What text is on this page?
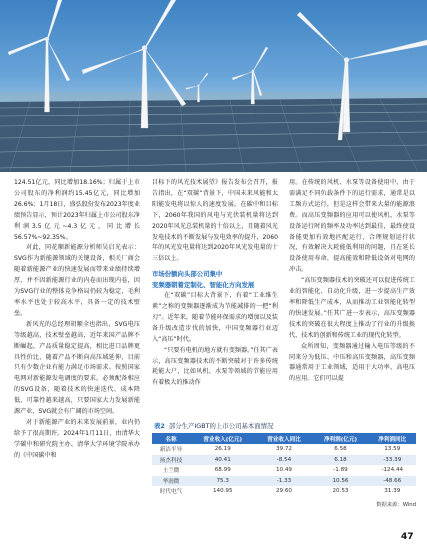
124.51亿元，同比增加18.16%；归属于上市公司股东的净利润约15.45亿元，同比增加26.6%；1月18日，盛弘股份发布2023年度业绩预告显示，预计2023年归属上市公司股东净利润3.5亿元~4.3亿元，同比增长56.57%~92.35%。

对此，同花顺新能源分析师吴启光表示：SVG作为新能源领域的关键设备，相关厂商会随着新能源产业的快速发展而带来业绩持续增厚，并不因新能源行业的内卷而出现内卷，因为SVG行业的整体竞争格局仍较为稳定，毛利率水平也处于较高水平，具备一定的技术壁垒。

新风光的总经理胡顺全也指出，SVG电压等级越高，技术壁垒越高，近年来国产品牌不断崛起，产品质量稳定提高，相比进口品牌更具性价比，随着产品不断向高压域延伸，目前只有少数企业有能力满足市场需求。按照国家电网对新能源发电调度的要求，必须配备相应的SVG设备，随着技术的快速迭代、成本降低、可靠性越来越高，只要国家大力发展新能源产业，SVG就会有广阔的市场空间。

对于新能源产业的未来发展前景，业内仍给予了很高期许。2024年1月11日，由清华大学碳中和研究院主办、清华大学环境学院承办的《中国碳中和

目标下的风光技术展望》报告发布会召开，报告指出，在“双碳”背景下，中国未来风能和太阳能发电将以惊人的速度发展。在碳中和目标下，2060年我国的风电与光伏装机量将达到2020年风光总装机量的十倍以上，且随着风光发电技术的不断发展与发电效率的提升，2060年的风光发电量将达到2020年风光发电量的十三倍以上。

市场份额向头部公司集中

变频器朝着定制化、智能化方向发展

在“双碳”目标大背景下，有着“工业维生素”之称的变频器逐渐成为节能减排的一把“利刃”。近年来，随着节能环保需求的增加以及装备升级改造步伐的加快，中国变频器行业迈入“高压”时代。

“只要有电机的地方就有变频器。”任其广表示，高压变频器技术的不断突破对于许多传统耗能大户，比如风机、水泵等领域的节能应用有着极大的推动作

用。在传统的风机、水泵等设备使用中，由于需满足不同负载条件下的运行需求，通常是以工频方式运行，但是这样会带来大量的能源浪费。而高压变频器的应用可以使风机、水泵等设备运行时的频率及功率达到最佳，最终使设备能更加有效地匹配运行，合理规划运行状况，有效解决大耗能低利用的问题，且在延长设备使用寿命，提高能效和降低设备对电网的冲击。

“高压变频器技术的突破还可以促进传统工业的智能化、自动化升级，进一步提高生产效率和降低生产成本，从而推动工业智能化转型的快速发展。”任其广进一步表示，高压变频器技术的突破在很大程度上推动了行业的升级换代，技术的创新和传统工业的现代化转型。

众所周知，变频器通过输入电压等级的不同来分为低压、中压和高压变频器，高压变频器通常用于工业领域，适用于大功率、高电压的应用。它们可以提

表2 部分生产IGBT的上市公司基本面情况

名称	营业收入(亿元)	营业收入同比	净利润(亿元)	净利润同比
新洁半导	26.19	39.72	6.58	13.59
扬杰科技	40.41	-8.54	6.18	-33.39
士兰微	68.99	10.49	-1.89	-124.44
华润微	75.3	-1.33	10.56	-48.66
时代电气	140.95	29.60	20.53	31.39
数据来源：Wind
47
